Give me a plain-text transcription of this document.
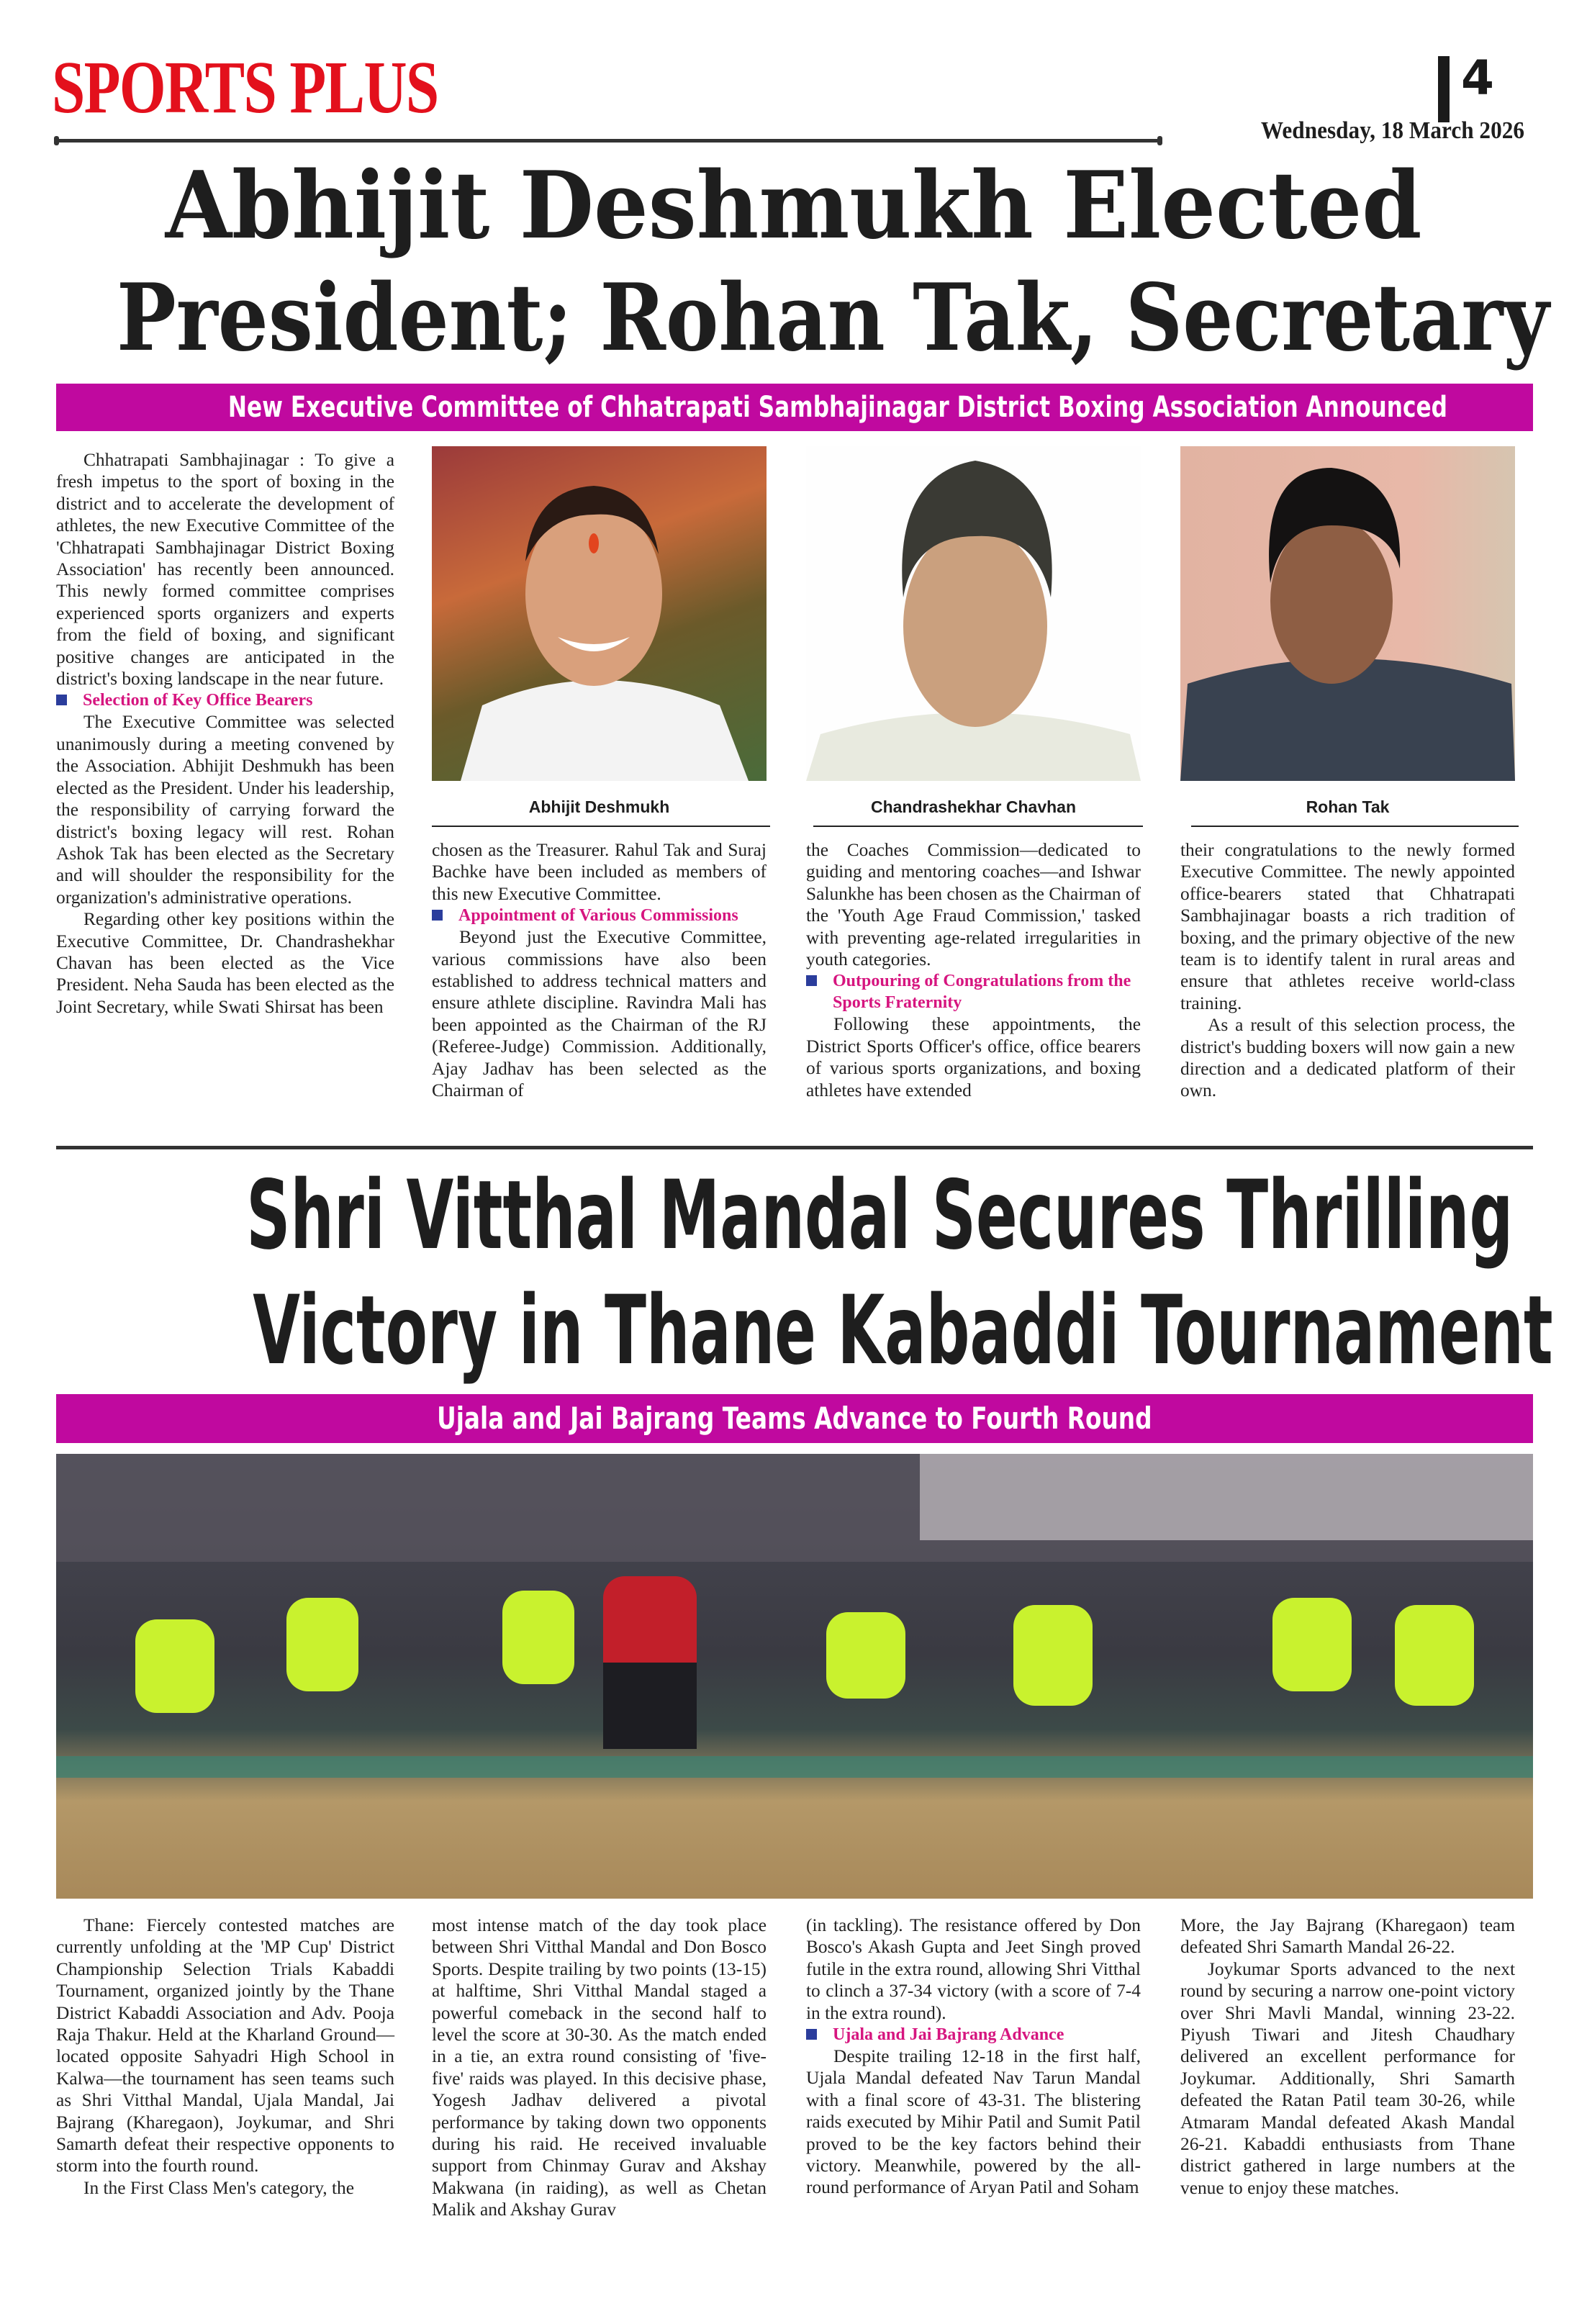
SPORTS PLUS	4
Wednesday, 18 March 2026
Abhijit Deshmukh Elected
President; Rohan Tak, Secretary
New Executive Committee of Chhatrapati Sambhajinagar District Boxing Association Announced
Abhijit Deshmukh	Chandrashekhar Chavhan	Rohan Tak

Chhatrapati Sambhajinagar : To give a fresh impetus to the sport of boxing in the district and to accelerate the development of athletes, the new Executive Committee of the 'Chhatrapati Sambhajinagar District Boxing Association' has recently been announced. This newly formed committee comprises experienced sports organizers and experts from the field of boxing, and significant positive changes are anticipated in the district's boxing landscape in the near future.

Selection of Key Office Bearers

The Executive Committee was selected unanimously during a meeting convened by the Association. Abhijit Deshmukh has been elected as the President. Under his leadership, the responsibility of carrying forward the district's boxing legacy will rest. Rohan Ashok Tak has been elected as the Secretary and will shoulder the responsibility for the organization's administrative operations.

Regarding other key positions within the Executive Committee, Dr. Chandrashekhar Chavan has been elected as the Vice President. Neha Sauda has been elected as the Joint Secretary, while Swati Shirsat has been

chosen as the Treasurer. Rahul Tak and Suraj Bachke have been included as members of this new Executive Committee.

Appointment of Various Commissions

Beyond just the Executive Committee, various commissions have also been established to address technical matters and ensure athlete discipline. Ravindra Mali has been appointed as the Chairman of the RJ (Referee-Judge) Commission. Additionally, Ajay Jadhav has been selected as the Chairman of

the Coaches Commission—dedicated to guiding and mentoring coaches—and Ishwar Salunkhe has been chosen as the Chairman of the 'Youth Age Fraud Commission,' tasked with preventing age-related irregularities in youth categories.

Outpouring of Congratulations from the Sports Fraternity

Following these appointments, the District Sports Officer's office, office bearers of various sports organizations, and boxing athletes have extended

their congratulations to the newly formed Executive Committee. The newly appointed office-bearers stated that Chhatrapati Sambhajinagar boasts a rich tradition of boxing, and the primary objective of the new team is to identify talent in rural areas and ensure that athletes receive world-class training.

As a result of this selection process, the district's budding boxers will now gain a new direction and a dedicated platform of their own.

Shri Vitthal Mandal Secures Thrilling
Victory in Thane Kabaddi Tournament
Ujala and Jai Bajrang Teams Advance to Fourth Round

Thane: Fiercely contested matches are currently unfolding at the 'MP Cup' District Championship Selection Trials Kabaddi Tournament, organized jointly by the Thane District Kabaddi Association and Adv. Pooja Raja Thakur. Held at the Kharland Ground—located opposite Sahyadri High School in Kalwa—the tournament has seen teams such as Shri Vitthal Mandal, Ujala Mandal, Jai Bajrang (Kharegaon), Joykumar, and Shri Samarth defeat their respective opponents to storm into the fourth round.

In the First Class Men's category, the

most intense match of the day took place between Shri Vitthal Mandal and Don Bosco Sports. Despite trailing by two points (13-15) at halftime, Shri Vitthal Mandal staged a powerful comeback in the second half to level the score at 30-30. As the match ended in a tie, an extra round consisting of 'five-five' raids was played. In this decisive phase, Yogesh Jadhav delivered a pivotal performance by taking down two opponents during his raid. He received invaluable support from Chinmay Gurav and Akshay Makwana (in raiding), as well as Chetan Malik and Akshay Gurav

(in tackling). The resistance offered by Don Bosco's Akash Gupta and Jeet Singh proved futile in the extra round, allowing Shri Vitthal to clinch a 37-34 victory (with a score of 7-4 in the extra round).

Ujala and Jai Bajrang Advance

Despite trailing 12-18 in the first half, Ujala Mandal defeated Nav Tarun Mandal with a final score of 43-31. The blistering raids executed by Mihir Patil and Sumit Patil proved to be the key factors behind their victory. Meanwhile, powered by the all-round performance of Aryan Patil and Soham

More, the Jay Bajrang (Kharegaon) team defeated Shri Samarth Mandal 26-22.

Joykumar Sports advanced to the next round by securing a narrow one-point victory over Shri Mavli Mandal, winning 23-22. Piyush Tiwari and Jitesh Chaudhary delivered an excellent performance for Joykumar. Additionally, Shri Samarth defeated the Ratan Patil team 30-26, while Atmaram Mandal defeated Akash Mandal 26-21. Kabaddi enthusiasts from Thane district gathered in large numbers at the venue to enjoy these matches.
